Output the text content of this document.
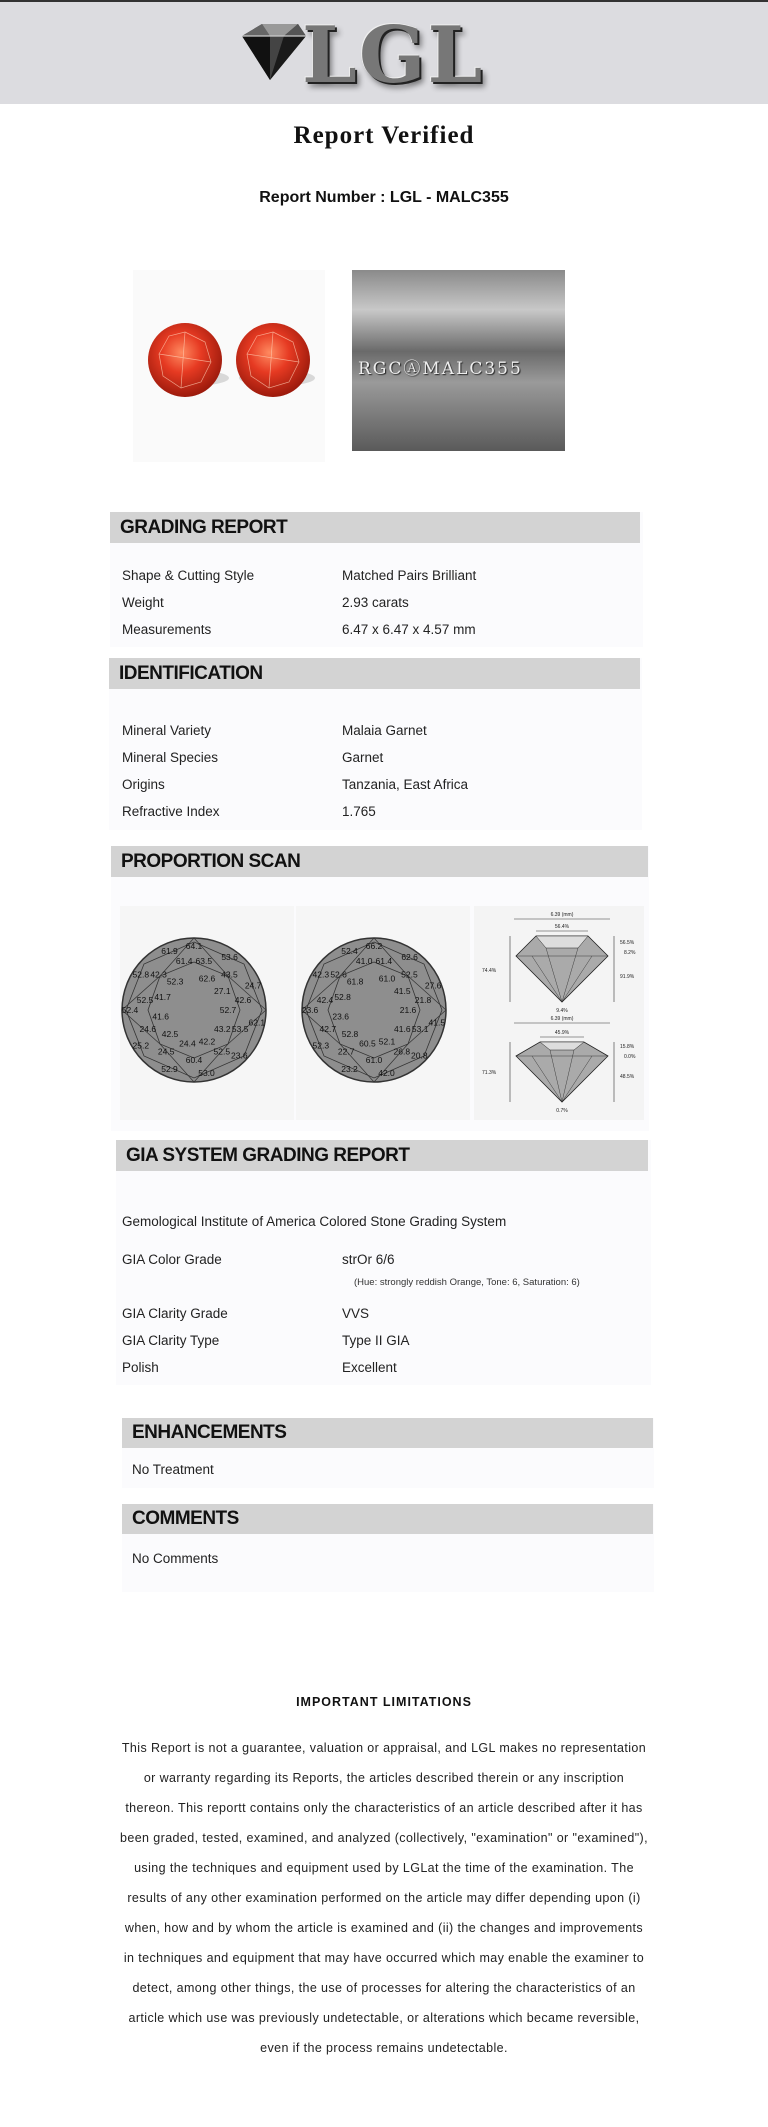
LGL
Report Verified
Report Number : LGL - MALC355
RGCⒶMALC355
GRADING REPORT
Shape & Cutting Style	Matched Pairs Brilliant
Weight	2.93 carats
Measurements	6.47 x 6.47 x 4.57 mm
IDENTIFICATION
Mineral Variety	Malaia Garnet
Mineral Species	Garnet
Origins	Tanzania, East Africa
Refractive Index	1.765
PROPORTION SCAN
64.1
63.5
62.6
53.6
43.5
27.1
24.7
42.6
52.7
62.1
53.5
43.2
23.6
52.5
42.2
53.0
60.4
24.4
52.9
24.5
42.5
25.2
24.6
41.6
52.4
52.5 41.7
52.8 42.3
52.3
61.9
61.4
66.2
61.4
61.0
62.6
52.5
41.5
27.6
21.8
21.6
41.5
53.1
41.6
20.8
26.8
52.1
42.0
61.0
60.5
23.2
22.7
52.8
52.3
42.7
23.6
23.6
42.4 52.8
42.3 52.6
61.8
52.4
41.0
6.39 (mm)
56.4%
74.4%
56.5%
8.2%
91.9%
9.4%
6.39 (mm)
45.9%
71.3%
15.8%
0.0%
48.5%
0.7%
GIA SYSTEM GRADING REPORT
Gemological Institute of America Colored Stone Grading System
GIA Color Grade	strOr 6/6
(Hue: strongly reddish Orange, Tone: 6, Saturation: 6)
GIA Clarity Grade	VVS
GIA Clarity Type	Type II GIA
Polish	Excellent
ENHANCEMENTS
No Treatment
COMMENTS
No Comments
IMPORTANT LIMITATIONS
This Report is not a guarantee, valuation or appraisal, and LGL makes no representation or warranty regarding its Reports, the articles described therein or any inscription thereon. This reportt contains only the characteristics of an article described after it has been graded, tested, examined, and analyzed (collectively, "examination" or "examined"), using the techniques and equipment used by LGLat the time of the examination. The results of any other examination performed on the article may differ depending upon (i) when, how and by whom the article is examined and (ii) the changes and improvements in techniques and equipment that may have occurred which may enable the examiner to detect, among other things, the use of processes for altering the characteristics of an article which use was previously undetectable, or alterations which became reversible, even if the process remains undetectable.
